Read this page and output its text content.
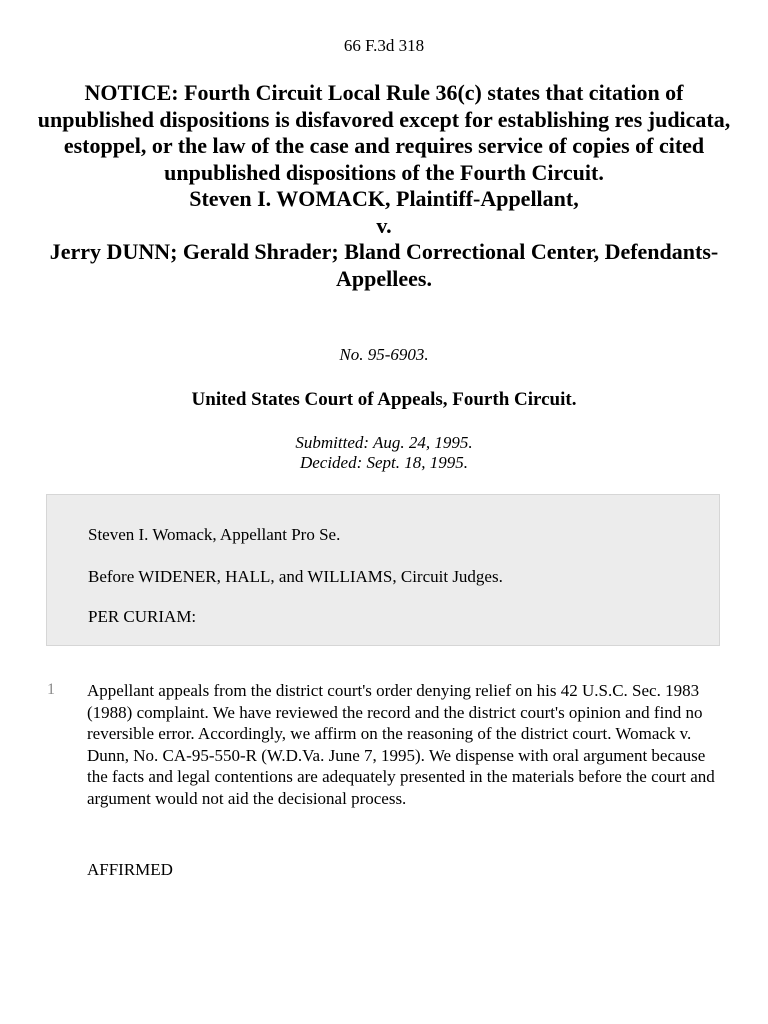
66 F.3d 318
NOTICE: Fourth Circuit Local Rule 36(c) states that citation of unpublished dispositions is disfavored except for establishing res judicata, estoppel, or the law of the case and requires service of copies of cited unpublished dispositions of the Fourth Circuit.
Steven I. WOMACK, Plaintiff-Appellant,
v.
Jerry DUNN; Gerald Shrader; Bland Correctional Center, Defendants-Appellees.
No. 95-6903.
United States Court of Appeals, Fourth Circuit.
Submitted: Aug. 24, 1995.
Decided: Sept. 18, 1995.

Steven I. Womack, Appellant Pro Se.

Before WIDENER, HALL, and WILLIAMS, Circuit Judges.

PER CURIAM:

1 Appellant appeals from the district court's order denying relief on his 42 U.S.C. Sec. 1983 (1988) complaint. We have reviewed the record and the district court's opinion and find no reversible error. Accordingly, we affirm on the reasoning of the district court. Womack v. Dunn, No. CA-95-550-R (W.D.Va. June 7, 1995). We dispense with oral argument because the facts and legal contentions are adequately presented in the materials before the court and argument would not aid the decisional process.

AFFIRMED
